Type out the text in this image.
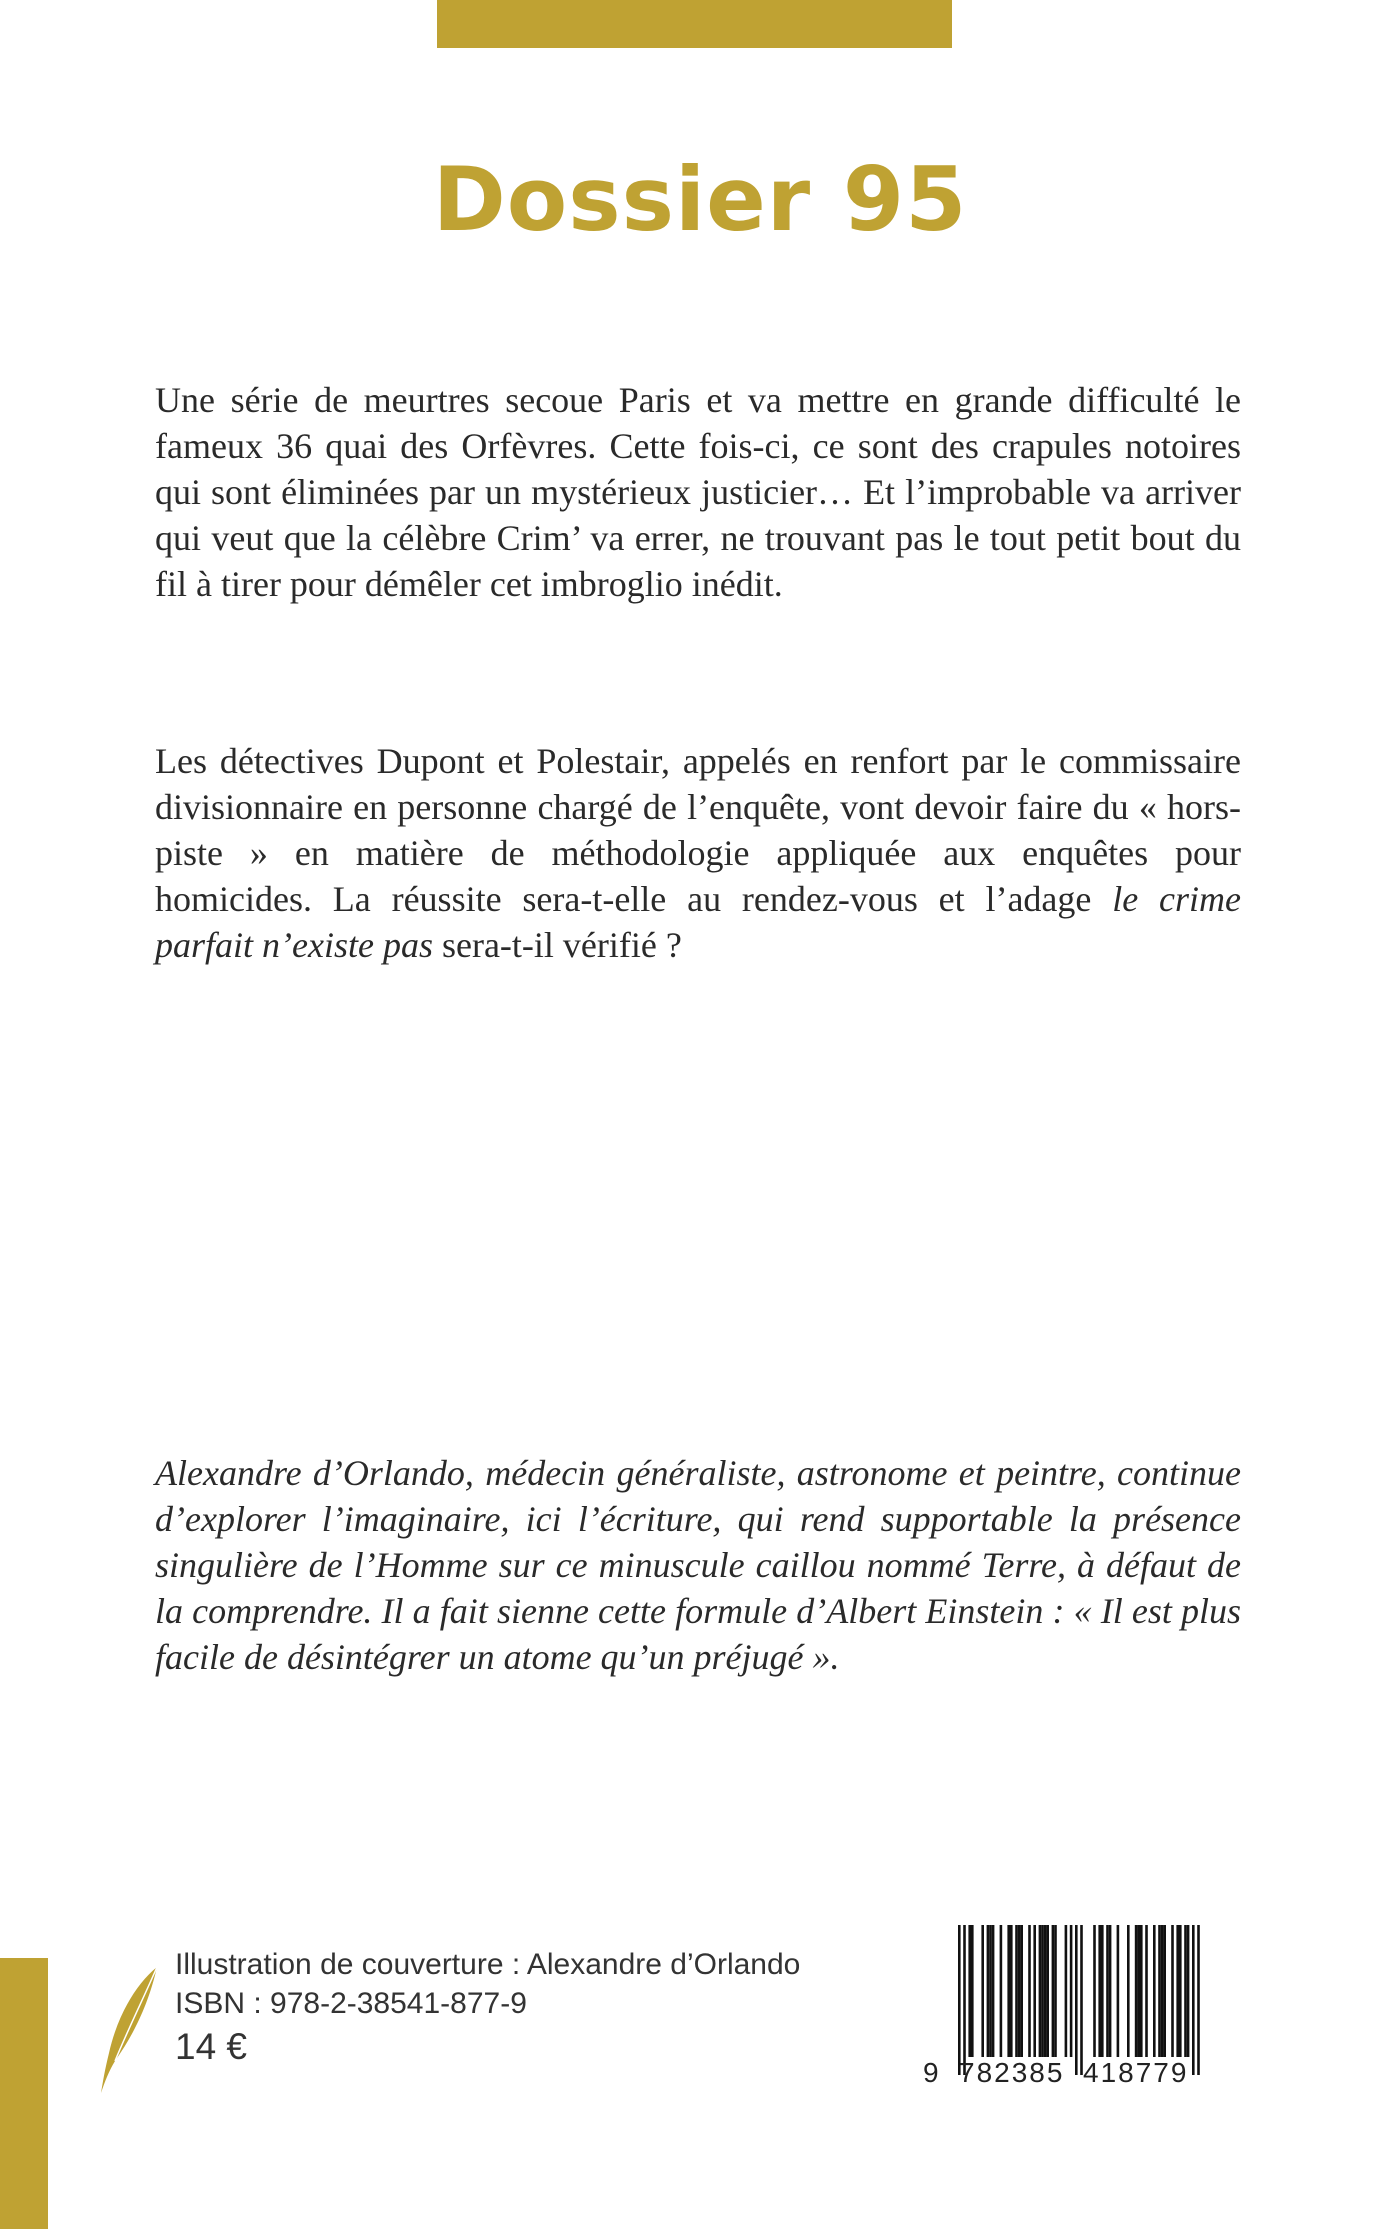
Dossier 95

Une série de meurtres secoue Paris et va mettre en grande difficulté le fameux 36 quai des Orfèvres. Cette fois-ci, ce sont des crapules notoires qui sont éliminées par un mystérieux justicier… Et l’improbable va arriver qui veut que la célèbre Crim’ va errer, ne trouvant pas le tout petit bout du fil à tirer pour démêler cet imbroglio inédit.

Les détectives Dupont et Polestair, appelés en renfort par le commissaire divisionnaire en personne chargé de l’enquête, vont devoir faire du « hors-piste » en matière de méthodologie appliquée aux enquêtes pour homicides. La réussite sera-t-elle au rendez-vous et l’adage le crime parfait n’existe pas sera-t-il vérifié ?

Alexandre d’Orlando, médecin généraliste, astronome et peintre, continue d’explorer l’imaginaire, ici l’écriture, qui rend supportable la présence singulière de l’Homme sur ce minuscule caillou nommé Terre, à défaut de la comprendre. Il a fait sienne cette formule d’Albert Einstein : « Il est plus facile de désintégrer un atome qu’un préjugé ».
Illustration de couverture : Alexandre d’Orlando
ISBN : 978-2-38541-877-9
14 €
9 782385 418779
